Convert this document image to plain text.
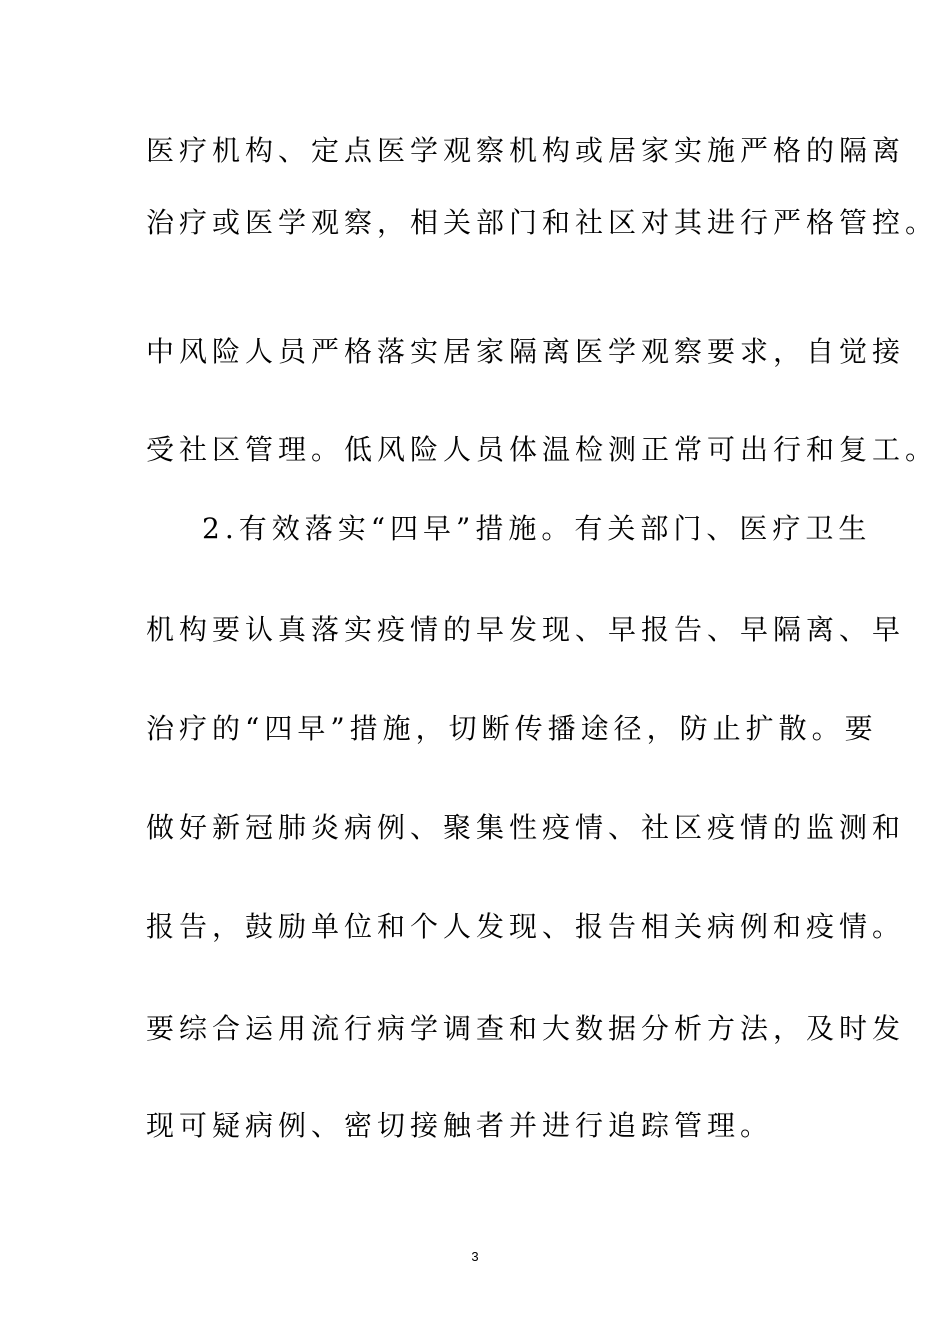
医疗机构、定点医学观察机构或居家实施严格的隔离
治疗或医学观察，相关部门和社区对其进行严格管控。
中风险人员严格落实居家隔离医学观察要求，自觉接
受社区管理。低风险人员体温检测正常可出行和复工。
2.有效落实“四早”措施。有关部门、医疗卫生
机构要认真落实疫情的早发现、早报告、早隔离、早
治疗的“四早”措施，切断传播途径，防止扩散。要
做好新冠肺炎病例、聚集性疫情、社区疫情的监测和
报告，鼓励单位和个人发现、报告相关病例和疫情。
要综合运用流行病学调查和大数据分析方法，及时发
现可疑病例、密切接触者并进行追踪管理。
3
